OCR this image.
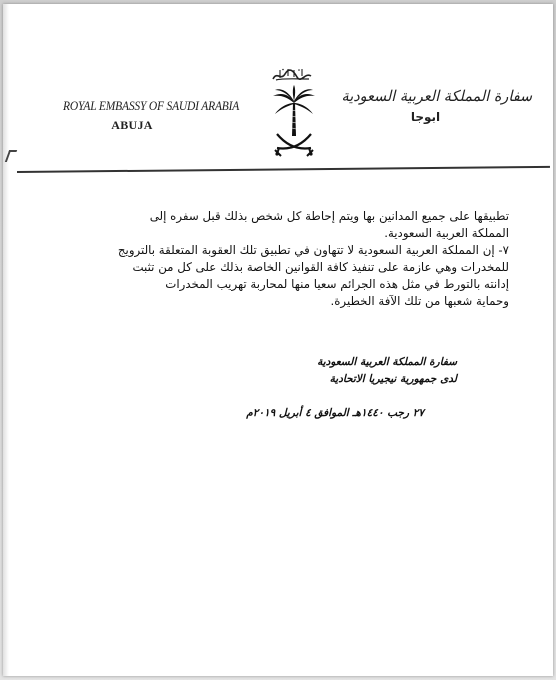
ROYAL EMBASSY OF SAUDI ARABIA
ABUJA
سفارة المملكة العربية السعودية
ابوجا
تطبيقها على جميع المدانين بها ويتم إحاطة كل شخص بذلك قبل سفره إلى
المملكة العربية السعودية.
٧- إن المملكة العربية السعودية لا تتهاون في تطبيق تلك العقوبة المتعلقة بالترويج
للمخدرات وهي عازمة على تنفيذ كافة القوانين الخاصة بذلك على كل من تثبت
إدانته بالتورط في مثل هذه الجرائم سعيا منها لمحاربة تهريب المخدرات
وحماية شعبها من تلك الآفة الخطيرة.
سفارة المملكة العربية السعودية
لدى جمهورية نيجيريا الاتحادية
٢٧ رجب ١٤٤٠هـ الموافق ٤ أبريل ٢٠١٩م
